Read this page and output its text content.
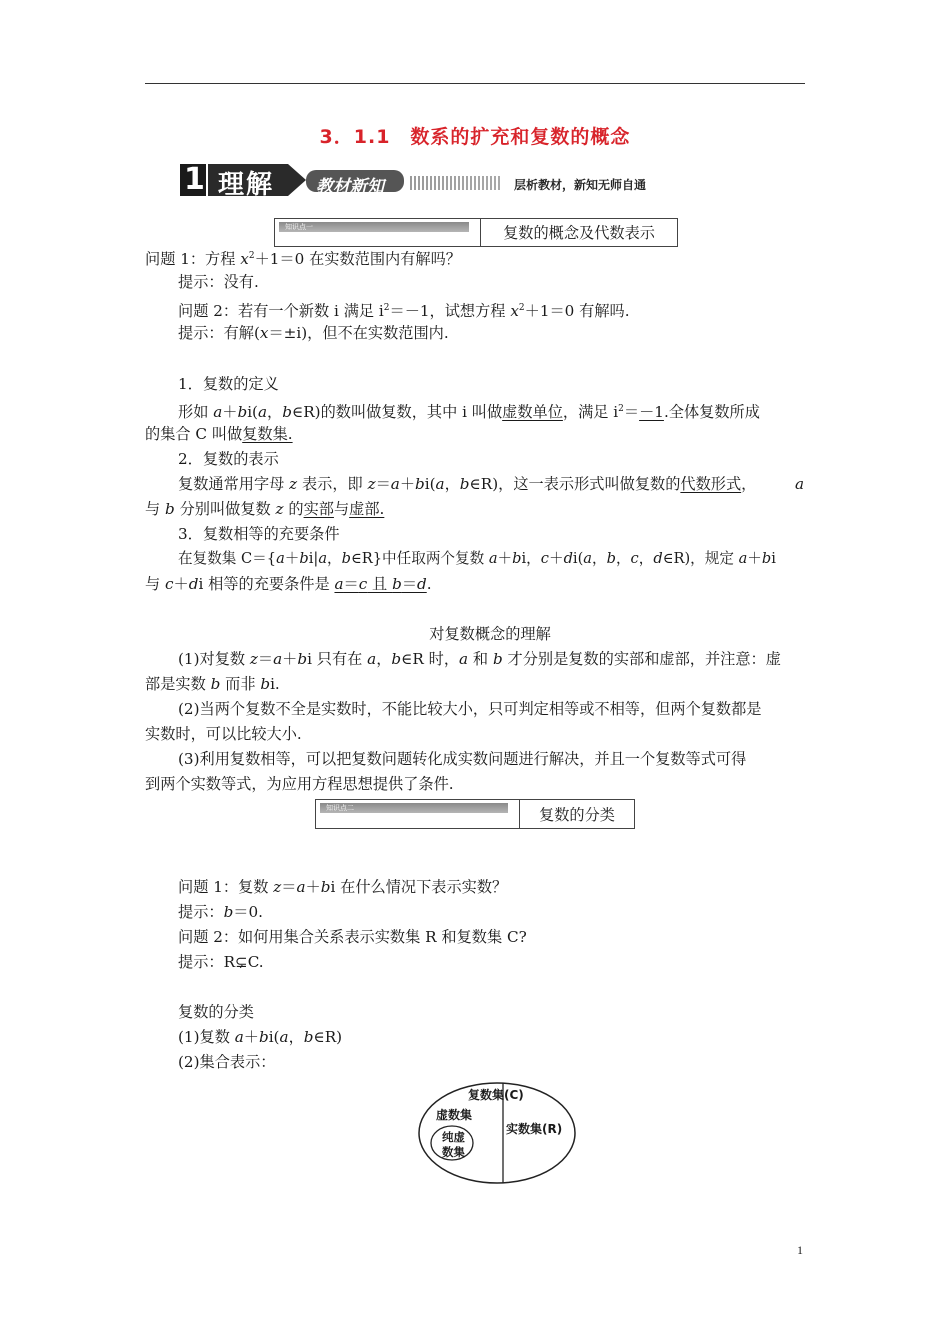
3．1.1　数系的扩充和复数的概念
1 理解 教材新知	层析教材，新知无师自通
知识点一	复数的概念及代数表示
问题 1：方程 $x^2+1=0$ 在实数范围内有解吗？
提示：没有.
问题 2：若有一个新数 i 满足 $i^2=-1$，试想方程 $x^2+1=0$ 有解吗.
提示：有解(x＝±i)，但不在实数范围内.
1．复数的定义
形如 a＋bi(a，b∈R)的数叫做复数，其中 i 叫做虚数单位，满足 $i^2=-1$.全体复数所成
的集合 C 叫做复数集.
2．复数的表示
复数通常用字母 z 表示，即 z＝a＋bi(a，b∈R)，这一表示形式叫做复数的代数形式，	a
与 b 分别叫做复数 z 的实部与虚部.
3．复数相等的充要条件
在复数集 C＝{a＋bi|a，b∈R}中任取两个复数 a＋bi，c＋di(a，b，c，d∈R)，规定 a＋bi
与 c＋di 相等的充要条件是 a＝c 且 b＝d.
对复数概念的理解
(1)对复数 z＝a＋bi 只有在 a，b∈R 时，a 和 b 才分别是复数的实部和虚部，并注意：虚
部是实数 b 而非 bi.
(2)当两个复数不全是实数时，不能比较大小，只可判定相等或不相等，但两个复数都是
实数时，可以比较大小.
(3)利用复数相等，可以把复数问题转化成实数问题进行解决，并且一个复数等式可得
到两个实数等式，为应用方程思想提供了条件.
知识点二	复数的分类
问题 1：复数 z＝a＋bi 在什么情况下表示实数？
提示：b＝0.
问题 2：如何用集合关系表示实数集 R 和复数集 C?
提示：R⊊C.
复数的分类
(1)复数 a＋bi(a，b∈R)
(2)集合表示：
复数集(C)
虚数集
实数集(R)
纯虚
数集
1
